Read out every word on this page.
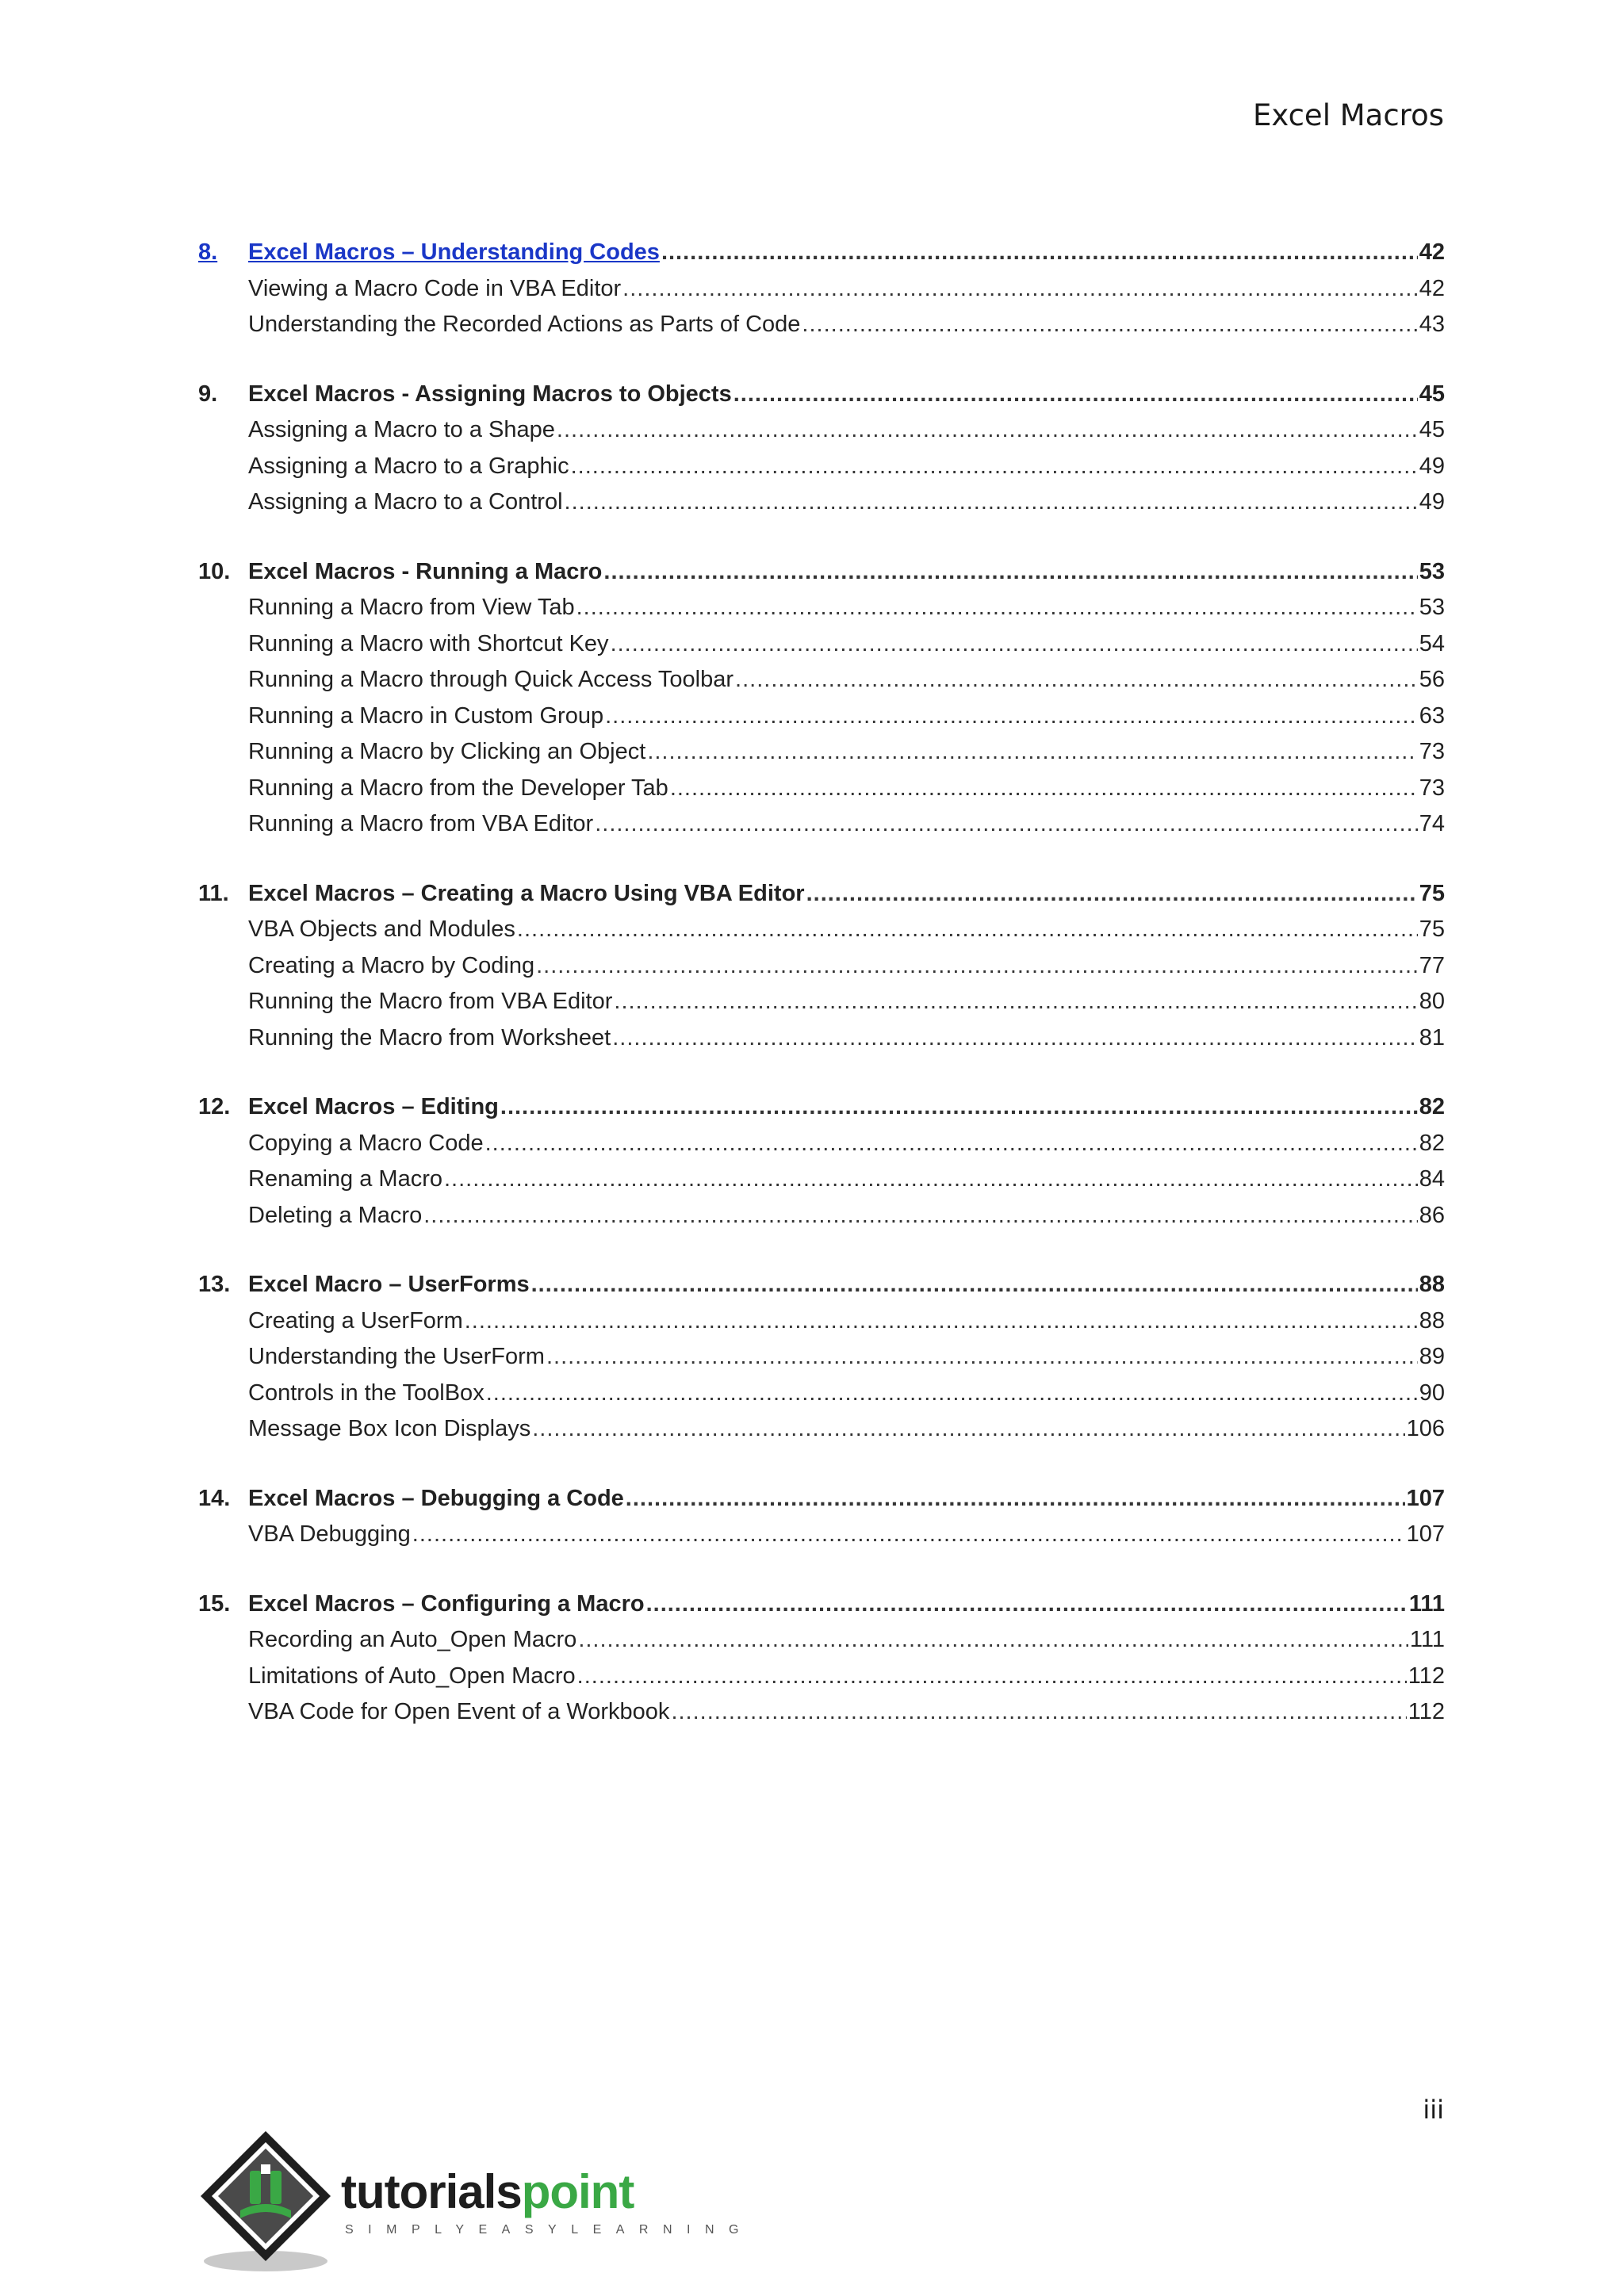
Excel Macros
8.	Excel Macros – Understanding Codes .....	42
Viewing a Macro Code in VBA Editor .....	42
Understanding the Recorded Actions as Parts of Code .....	43
9.	Excel Macros - Assigning Macros to Objects .....	45
Assigning a Macro to a Shape .....	45
Assigning a Macro to a Graphic .....	49
Assigning a Macro to a Control .....	49
10. Excel Macros - Running a Macro .....	53
Running a Macro from View Tab .....	53
Running a Macro with Shortcut Key .....	54
Running a Macro through Quick Access Toolbar .....	56
Running a Macro in Custom Group .....	63
Running a Macro by Clicking an Object .....	73
Running a Macro from the Developer Tab .....	73
Running a Macro from VBA Editor .....	74
11. Excel Macros – Creating a Macro Using VBA Editor .....	75
VBA Objects and Modules .....	75
Creating a Macro by Coding .....	77
Running the Macro from VBA Editor .....	80
Running the Macro from Worksheet .....	81
12. Excel Macros – Editing .....	82
Copying a Macro Code .....	82
Renaming a Macro .....	84
Deleting a Macro .....	86
13. Excel Macro – UserForms .....	88
Creating a UserForm .....	88
Understanding the UserForm .....	89
Controls in the ToolBox .....	90
Message Box Icon Displays .....	106
14. Excel Macros – Debugging a Code .....	107
VBA Debugging .....	107
15. Excel Macros – Configuring a Macro .....	111
Recording an Auto_Open Macro .....	111
Limitations of Auto_Open Macro .....	112
VBA Code for Open Event of a Workbook .....	112
iii
tutorialspoint
SIMPLYEASYLEARNING
